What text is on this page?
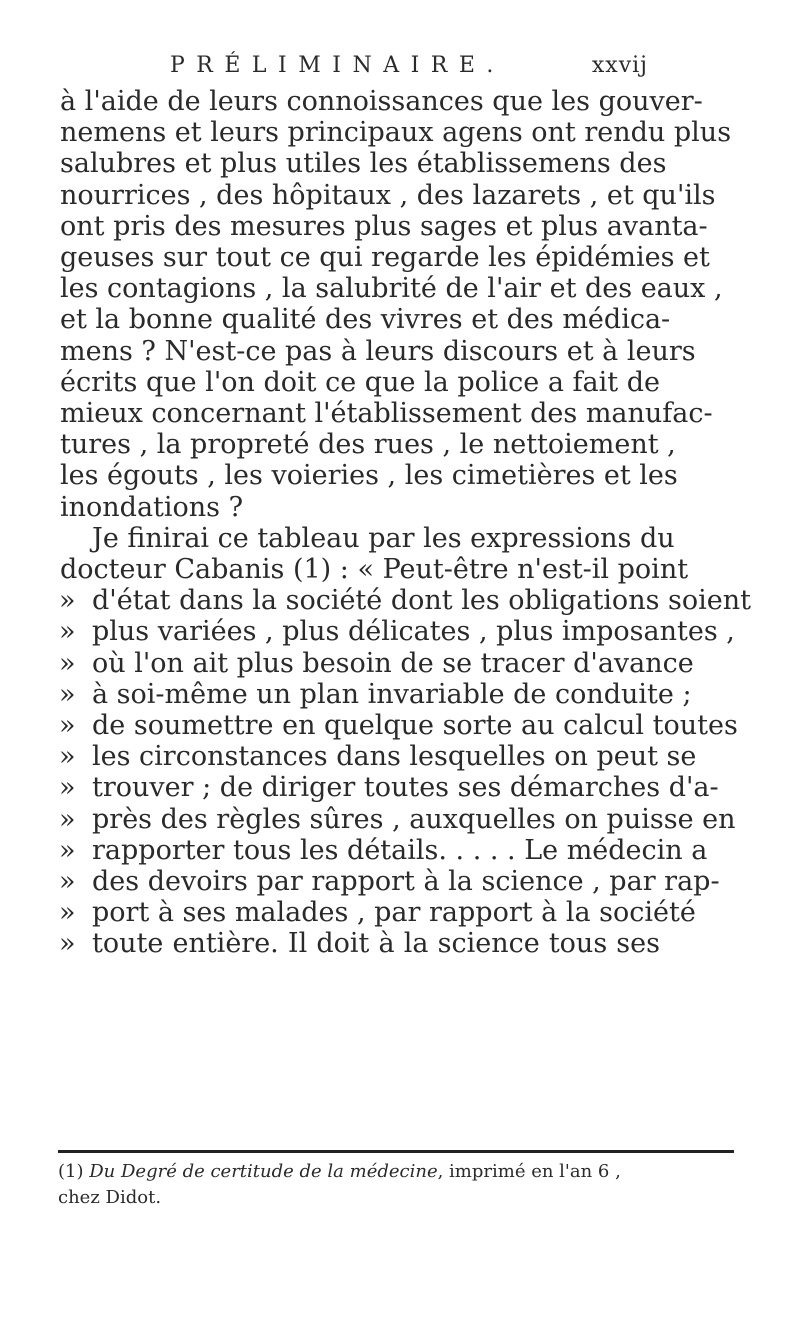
PRÉLIMINAIRE.	xxvij
à l'aide de leurs connoissances que les gouver-
nemens et leurs principaux agens ont rendu plus
salubres et plus utiles les établissemens des
nourrices , des hôpitaux , des lazarets , et qu'ils
ont pris des mesures plus sages et plus avanta-
geuses sur tout ce qui regarde les épidémies et
les contagions , la salubrité de l'air et des eaux ,
et la bonne qualité des vivres et des médica-
mens ? N'est-ce pas à leurs discours et à leurs
écrits que l'on doit ce que la police a fait de
mieux concernant l'établissement des manufac-
tures , la propreté des rues , le nettoiement ,
les égouts , les voieries , les cimetières et les
inondations ?
Je finirai ce tableau par les expressions du
docteur Cabanis (1) : « Peut-être n'est-il point
» d'état dans la société dont les obligations soient
» plus variées , plus délicates , plus imposantes ,
» où l'on ait plus besoin de se tracer d'avance
» à soi-même un plan invariable de conduite ;
» de soumettre en quelque sorte au calcul toutes
» les circonstances dans lesquelles on peut se
» trouver ; de diriger toutes ses démarches d'a-
» près des règles sûres , auxquelles on puisse en
» rapporter tous les détails. . . . . Le médecin a
» des devoirs par rapport à la science , par rap-
» port à ses malades , par rapport à la société
» toute entière. Il doit à la science tous ses
(1) Du Degré de certitude de la médecine, imprimé en l'an 6 ,
chez Didot.
